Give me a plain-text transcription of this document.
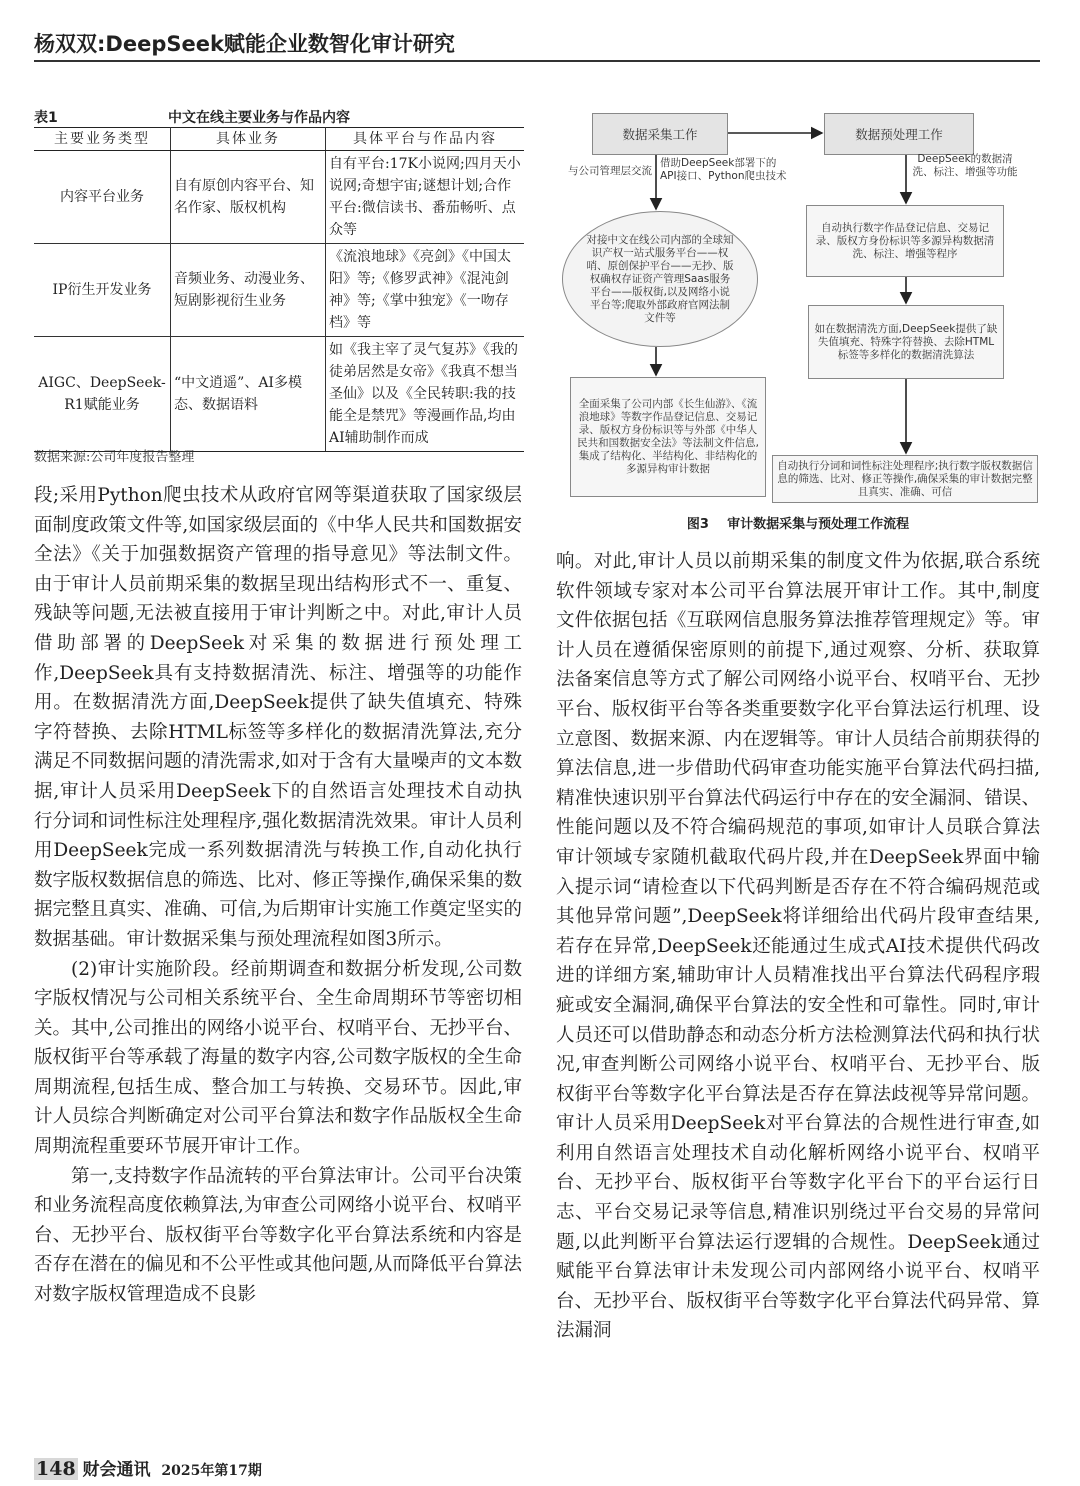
杨双双:DeepSeek赋能企业数智化审计研究
表1	中文在线主要业务与作品内容
主要业务类型	具体业务	具体平台与作品内容
内容平台业务	自有原创内容平台、知名作家、版权机构	自有平台:17K小说网;四月天小说网;奇想宇宙;谜想计划;合作平台:微信读书、番茄畅听、点众等
IP衍生开发业务	音频业务、动漫业务、短剧影视衍生业务	《流浪地球》《亮剑》《中国太阳》等;《修罗武神》《混沌剑神》等;《掌中独宠》《一吻存档》等
AIGC、DeepSeek-R1赋能业务	“中文逍遥”、AI多模态、数据语料	如《我主宰了灵气复苏》《我的徒弟居然是女帝》《我真不想当圣仙》以及《全民转职:我的技能全是禁咒》等漫画作品,均由AI辅助制作而成
数据来源:公司年度报告整理
数据采集工作	数据预处理工作
与公司管理层交流
借助DeepSeek部署下的API接口、Python爬虫技术
DeepSeek的数据清洗、标注、增强等功能
对接中文在线公司内部的全球知识产权一站式服务平台——权哨、原创保护平台——无抄、版权确权存证资产管理Saas服务平台——版权街,以及网络小说平台等;爬取外部政府官网法制文件等
自动执行数字作品登记信息、交易记录、版权方身份标识等多源异构数据清洗、标注、增强等程序
如在数据清洗方面,DeepSeek提供了缺失值填充、特殊字符替换、去除HTML标签等多样化的数据清洗算法
全面采集了公司内部《长生仙游》、《流浪地球》等数字作品登记信息、交易记录、版权方身份标识等与外部《中华人民共和国数据安全法》等法制文件信息,集成了结构化、半结构化、非结构化的多源异构审计数据	自动执行分词和词性标注处理程序;执行数字版权数据信息的筛选、比对、修正等操作,确保采集的审计数据完整且真实、准确、可信
图3    审计数据采集与预处理工作流程

段;采用Python爬虫技术从政府官网等渠道获取了国家级层面制度政策文件等,如国家级层面的《中华人民共和国数据安全法》《关于加强数据资产管理的指导意见》等法制文件。由于审计人员前期采集的数据呈现出结构形式不一、重复、残缺等问题,无法被直接用于审计判断之中。对此,审计人员借助部署的DeepSeek对采集的数据进行预处理工作,DeepSeek具有支持数据清洗、标注、增强等的功能作用。在数据清洗方面,DeepSeek提供了缺失值填充、特殊字符替换、去除HTML标签等多样化的数据清洗算法,充分满足不同数据问题的清洗需求,如对于含有大量噪声的文本数据,审计人员采用DeepSeek下的自然语言处理技术自动执行分词和词性标注处理程序,强化数据清洗效果。审计人员利用DeepSeek完成一系列数据清洗与转换工作,自动化执行数字版权数据信息的筛选、比对、修正等操作,确保采集的数据完整且真实、准确、可信,为后期审计实施工作奠定坚实的数据基础。审计数据采集与预处理流程如图3所示。

(2)审计实施阶段。经前期调查和数据分析发现,公司数字版权情况与公司相关系统平台、全生命周期环节等密切相关。其中,公司推出的网络小说平台、权哨平台、无抄平台、版权街平台等承载了海量的数字内容,公司数字版权的全生命周期流程,包括生成、整合加工与转换、交易环节。因此,审计人员综合判断确定对公司平台算法和数字作品版权全生命周期流程重要环节展开审计工作。

第一,支持数字作品流转的平台算法审计。公司平台决策和业务流程高度依赖算法,为审查公司网络小说平台、权哨平台、无抄平台、版权街平台等数字化平台算法系统和内容是否存在潜在的偏见和不公平性或其他问题,从而降低平台算法对数字版权管理造成不良影

响。对此,审计人员以前期采集的制度文件为依据,联合系统软件领域专家对本公司平台算法展开审计工作。其中,制度文件依据包括《互联网信息服务算法推荐管理规定》等。审计人员在遵循保密原则的前提下,通过观察、分析、获取算法备案信息等方式了解公司网络小说平台、权哨平台、无抄平台、版权街平台等各类重要数字化平台算法运行机理、设立意图、数据来源、内在逻辑等。审计人员结合前期获得的算法信息,进一步借助代码审查功能实施平台算法代码扫描,精准快速识别平台算法代码运行中存在的安全漏洞、错误、性能问题以及不符合编码规范的事项,如审计人员联合算法审计领域专家随机截取代码片段,并在DeepSeek界面中输入提示词“请检查以下代码判断是否存在不符合编码规范或其他异常问题”,DeepSeek将详细给出代码片段审查结果,若存在异常,DeepSeek还能通过生成式AI技术提供代码改进的详细方案,辅助审计人员精准找出平台算法代码程序瑕疵或安全漏洞,确保平台算法的安全性和可靠性。同时,审计人员还可以借助静态和动态分析方法检测算法代码和执行状况,审查判断公司网络小说平台、权哨平台、无抄平台、版权街平台等数字化平台算法是否存在算法歧视等异常问题。审计人员采用DeepSeek对平台算法的合规性进行审查,如利用自然语言处理技术自动化解析网络小说平台、权哨平台、无抄平台、版权街平台等数字化平台下的平台运行日志、平台交易记录等信息,精准识别绕过平台交易的异常问题,以此判断平台算法运行逻辑的合规性。DeepSeek通过赋能平台算法审计未发现公司内部网络小说平台、权哨平台、无抄平台、版权街平台等数字化平台算法代码异常、算法漏洞

148 财会通讯 2025年第17期
